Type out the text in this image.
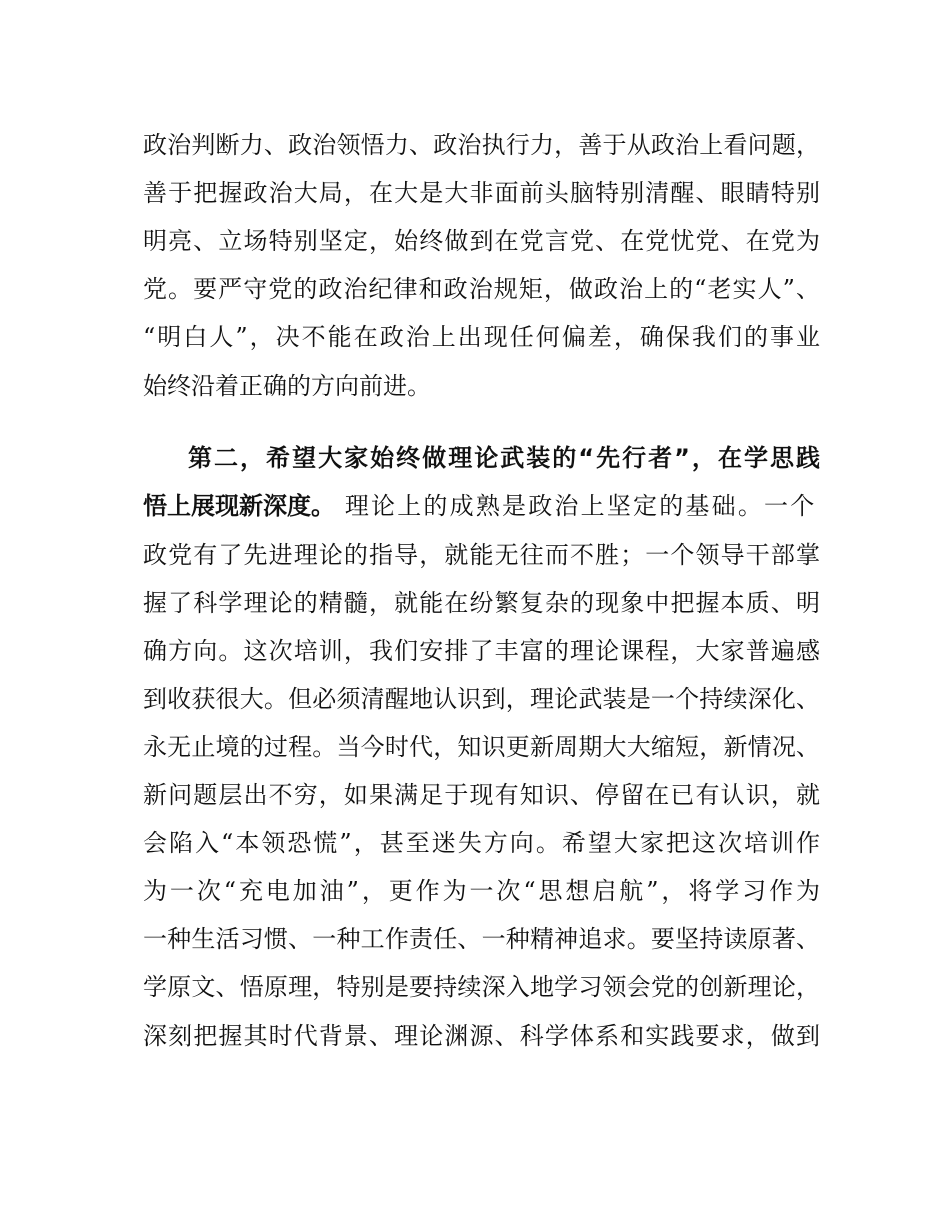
政治判断力、政治领悟力、政治执行力，善于从政治上看问题，
善于把握政治大局，在大是大非面前头脑特别清醒、眼睛特别
明亮、立场特别坚定，始终做到在党言党、在党忧党、在党为
党。要严守党的政治纪律和政治规矩，做政治上的“老实人”、
“明白人”，决不能在政治上出现任何偏差，确保我们的事业
始终沿着正确的方向前进。
第二，希望大家始终做理论武装的“先行者”，在学思践
悟上展现新深度。 理论上的成熟是政治上坚定的基础。一个
政党有了先进理论的指导，就能无往而不胜；一个领导干部掌
握了科学理论的精髓，就能在纷繁复杂的现象中把握本质、明
确方向。这次培训，我们安排了丰富的理论课程，大家普遍感
到收获很大。但必须清醒地认识到，理论武装是一个持续深化、
永无止境的过程。当今时代，知识更新周期大大缩短，新情况、
新问题层出不穷，如果满足于现有知识、停留在已有认识，就
会陷入“本领恐慌”，甚至迷失方向。希望大家把这次培训作
为一次“充电加油”，更作为一次“思想启航”，将学习作为
一种生活习惯、一种工作责任、一种精神追求。要坚持读原著、
学原文、悟原理，特别是要持续深入地学习领会党的创新理论，
深刻把握其时代背景、理论渊源、科学体系和实践要求，做到
